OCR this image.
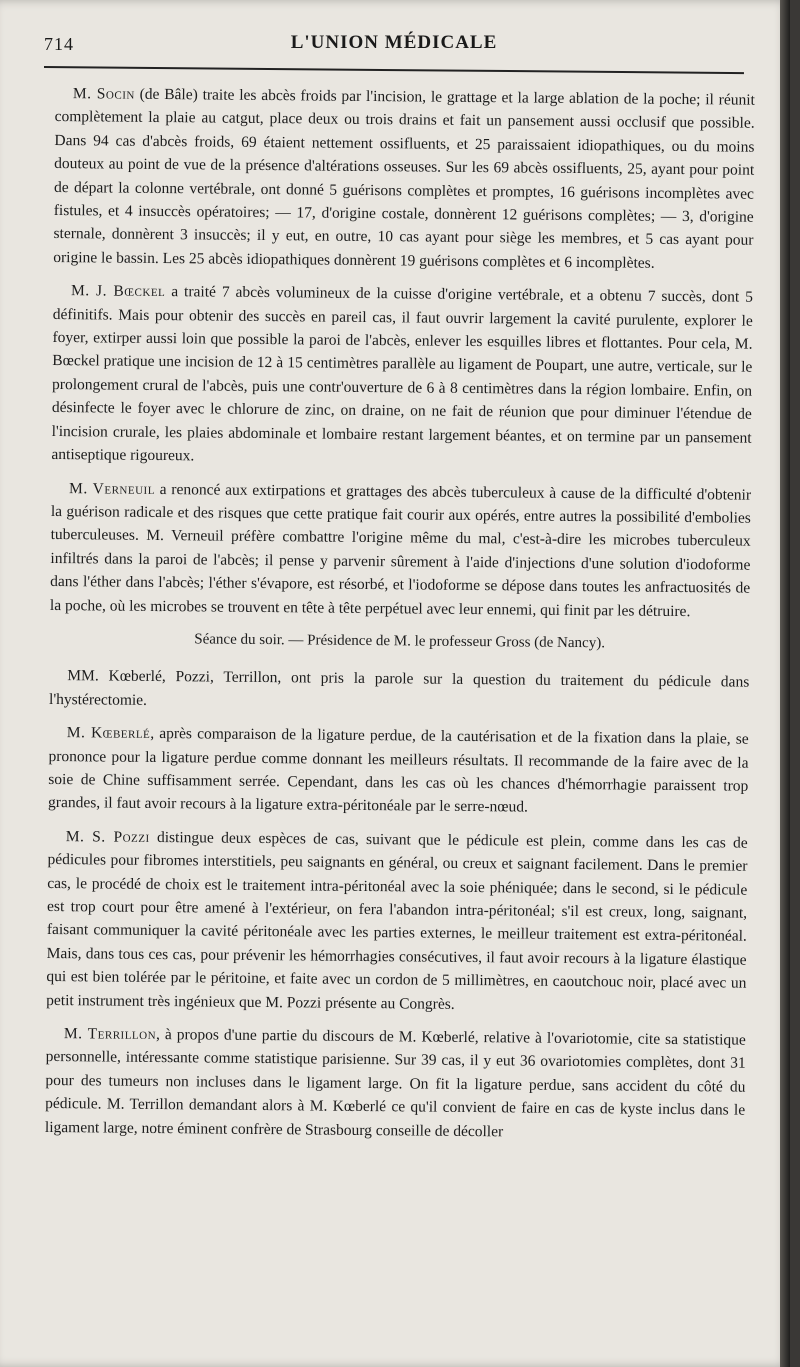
714	L'UNION MÉDICALE

M. Socin (de Bâle) traite les abcès froids par l'incision, le grattage et la large ablation de la poche; il réunit complètement la plaie au catgut, place deux ou trois drains et fait un pansement aussi occlusif que possible. Dans 94 cas d'abcès froids, 69 étaient nettement ossifluents, et 25 paraissaient idiopathiques, ou du moins douteux au point de vue de la présence d'altérations osseuses. Sur les 69 abcès ossifluents, 25, ayant pour point de départ la colonne vertébrale, ont donné 5 guérisons complètes et promptes, 16 guérisons incomplètes avec fistules, et 4 insuccès opératoires; — 17, d'origine costale, donnèrent 12 guérisons complètes; — 3, d'origine sternale, donnèrent 3 insuccès; il y eut, en outre, 10 cas ayant pour siège les membres, et 5 cas ayant pour origine le bassin. Les 25 abcès idiopathiques donnèrent 19 guérisons complètes et 6 incomplètes.

M. J. Bœckel a traité 7 abcès volumineux de la cuisse d'origine vertébrale, et a obtenu 7 succès, dont 5 définitifs. Mais pour obtenir des succès en pareil cas, il faut ouvrir largement la cavité purulente, explorer le foyer, extirper aussi loin que possible la paroi de l'abcès, enlever les esquilles libres et flottantes. Pour cela, M. Bœckel pratique une incision de 12 à 15 centimètres parallèle au ligament de Poupart, une autre, verticale, sur le prolongement crural de l'abcès, puis une contr'ouverture de 6 à 8 centimètres dans la région lombaire. Enfin, on désinfecte le foyer avec le chlorure de zinc, on draine, on ne fait de réunion que pour diminuer l'étendue de l'incision crurale, les plaies abdominale et lombaire restant largement béantes, et on termine par un pansement antiseptique rigoureux.

M. Verneuil a renoncé aux extirpations et grattages des abcès tuberculeux à cause de la difficulté d'obtenir la guérison radicale et des risques que cette pratique fait courir aux opérés, entre autres la possibilité d'embolies tuberculeuses. M. Verneuil préfère combattre l'origine même du mal, c'est-à-dire les microbes tuberculeux infiltrés dans la paroi de l'abcès; il pense y parvenir sûrement à l'aide d'injections d'une solution d'iodoforme dans l'éther dans l'abcès; l'éther s'évapore, est résorbé, et l'iodoforme se dépose dans toutes les anfractuosités de la poche, où les microbes se trouvent en tête à tête perpétuel avec leur ennemi, qui finit par les détruire.

Séance du soir. — Présidence de M. le professeur Gross (de Nancy).

MM. Kœberlé, Pozzi, Terrillon, ont pris la parole sur la question du traitement du pédicule dans l'hystérectomie.

M. Kœberlé, après comparaison de la ligature perdue, de la cautérisation et de la fixation dans la plaie, se prononce pour la ligature perdue comme donnant les meilleurs résultats. Il recommande de la faire avec de la soie de Chine suffisamment serrée. Cependant, dans les cas où les chances d'hémorrhagie paraissent trop grandes, il faut avoir recours à la ligature extra-péritonéale par le serre-nœud.

M. S. Pozzi distingue deux espèces de cas, suivant que le pédicule est plein, comme dans les cas de pédicules pour fibromes interstitiels, peu saignants en général, ou creux et saignant facilement. Dans le premier cas, le procédé de choix est le traitement intra-péritonéal avec la soie phéniquée; dans le second, si le pédicule est trop court pour être amené à l'extérieur, on fera l'abandon intra-péritonéal; s'il est creux, long, saignant, faisant communiquer la cavité péritonéale avec les parties externes, le meilleur traitement est extra-péritonéal. Mais, dans tous ces cas, pour prévenir les hémorrhagies consécutives, il faut avoir recours à la ligature élastique qui est bien tolérée par le péritoine, et faite avec un cordon de 5 millimètres, en caoutchouc noir, placé avec un petit instrument très ingénieux que M. Pozzi présente au Congrès.

M. Terrillon, à propos d'une partie du discours de M. Kœberlé, relative à l'ovariotomie, cite sa statistique personnelle, intéressante comme statistique parisienne. Sur 39 cas, il y eut 36 ovariotomies complètes, dont 31 pour des tumeurs non incluses dans le ligament large. On fit la ligature perdue, sans accident du côté du pédicule. M. Terrillon demandant alors à M. Kœberlé ce qu'il convient de faire en cas de kyste inclus dans le ligament large, notre éminent confrère de Strasbourg conseille de décoller
